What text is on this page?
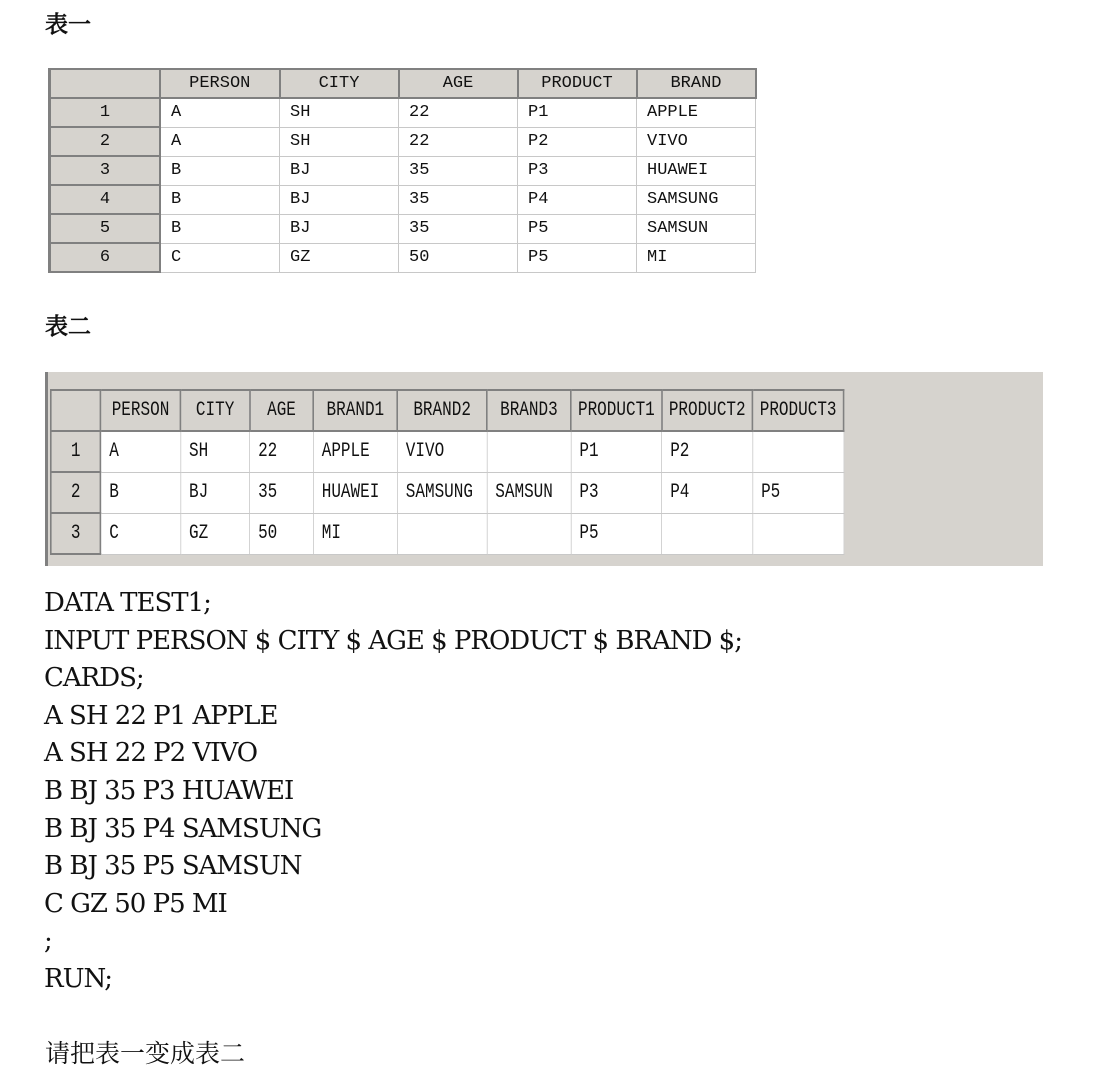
表一
	PERSON	CITY	AGE	PRODUCT	BRAND
1	A	SH	22	P1	APPLE
2	A	SH	22	P2	VIVO
3	B	BJ	35	P3	HUAWEI
4	B	BJ	35	P4	SAMSUNG
5	B	BJ	35	P5	SAMSUN
6	C	GZ	50	P5	MI
表二
	PERSON	CITY	AGE	BRAND1	BRAND2	BRAND3	PRODUCT1	PRODUCT2	PRODUCT3
1	A	SH	22	APPLE	VIVO		P1	P2	
2	B	BJ	35	HUAWEI	SAMSUNG	SAMSUN	P3	P4	P5
3	C	GZ	50	MI			P5		
DATA TEST1;
INPUT PERSON $ CITY $ AGE $ PRODUCT $ BRAND $;
CARDS;
A SH 22 P1 APPLE
A SH 22 P2 VIVO
B BJ 35 P3 HUAWEI
B BJ 35 P4 SAMSUNG
B BJ 35 P5 SAMSUN
C GZ 50 P5 MI
;
RUN;
请把表一变成表二
